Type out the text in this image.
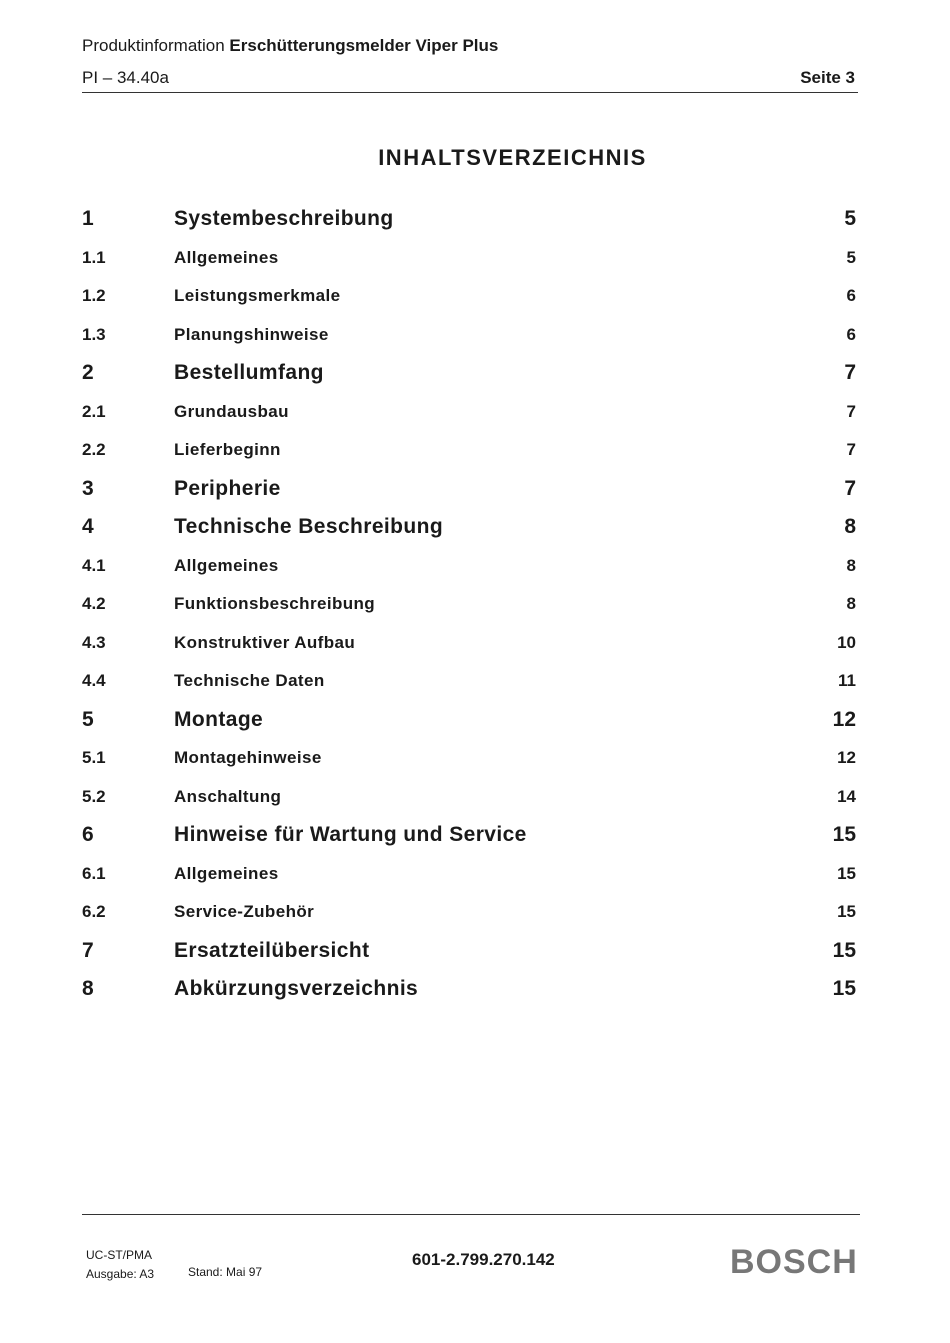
Produktinformation Erschütterungsmelder Viper Plus
PI – 34.40a	Seite 3
INHALTSVERZEICHNIS
1	Systembeschreibung	5
1.1	Allgemeines	5
1.2	Leistungsmerkmale	6
1.3	Planungshinweise	6
2	Bestellumfang	7
2.1	Grundausbau	7
2.2	Lieferbeginn	7
3	Peripherie	7
4	Technische Beschreibung	8
4.1	Allgemeines	8
4.2	Funktionsbeschreibung	8
4.3	Konstruktiver Aufbau	10
4.4	Technische Daten	11
5	Montage	12
5.1	Montagehinweise	12
5.2	Anschaltung	14
6	Hinweise für Wartung und Service	15
6.1	Allgemeines	15
6.2	Service-Zubehör	15
7	Ersatzteilübersicht	15
8	Abkürzungsverzeichnis	15
UC-ST/PMA
Ausgabe: A3	Stand: Mai 97
601-2.799.270.142	BOSCH
